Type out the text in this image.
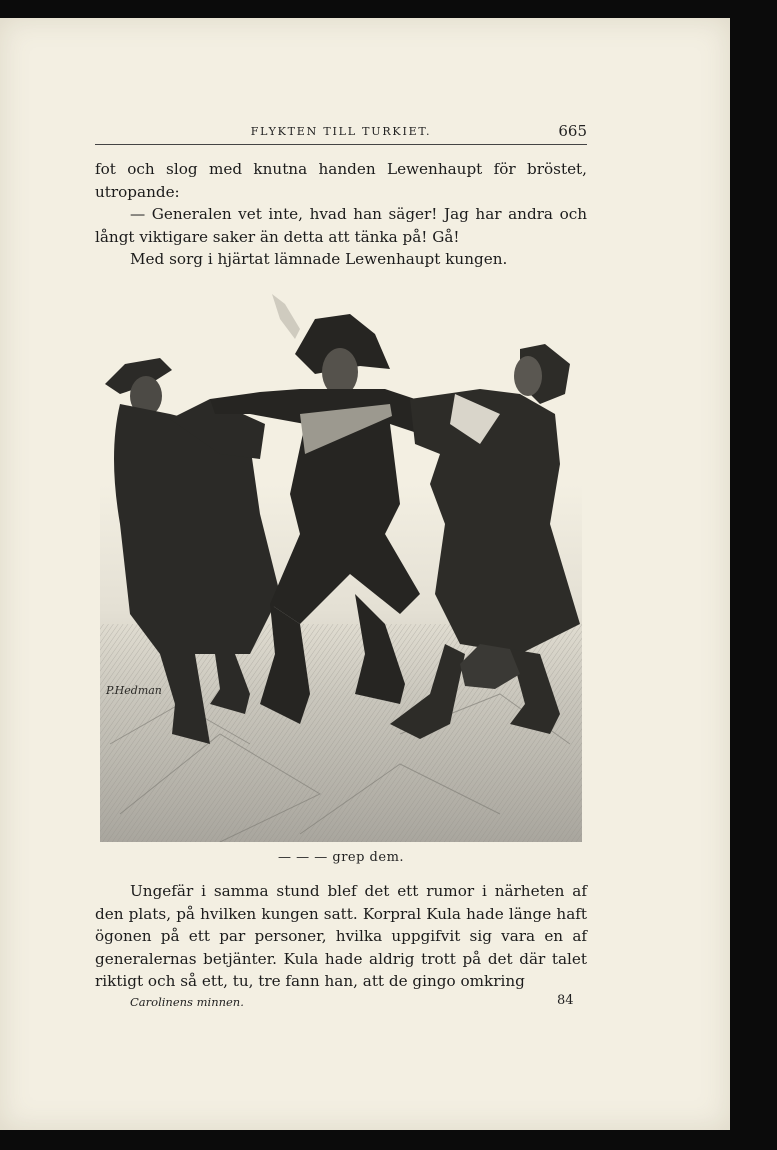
FLYKTEN TILL TURKIET.	665

fot och slog med knutna handen Lewenhaupt för bröstet, utropande:

— Generalen vet inte, hvad han säger! Jag har andra och långt viktigare saker än detta att tänka på! Gå!

Med sorg i hjärtat lämnade Lewenhaupt kungen.

P.Hedman
— — — grep dem.

Ungefär i samma stund blef det ett rumor i närheten af den plats, på hvilken kungen satt. Korpral Kula hade länge haft ögonen på ett par personer, hvilka uppgifvit sig vara en af generalernas betjänter. Kula hade aldrig trott på det där talet riktigt och så ett, tu, tre fann han, att de gingo omkring

Carolinens minnen.	84
